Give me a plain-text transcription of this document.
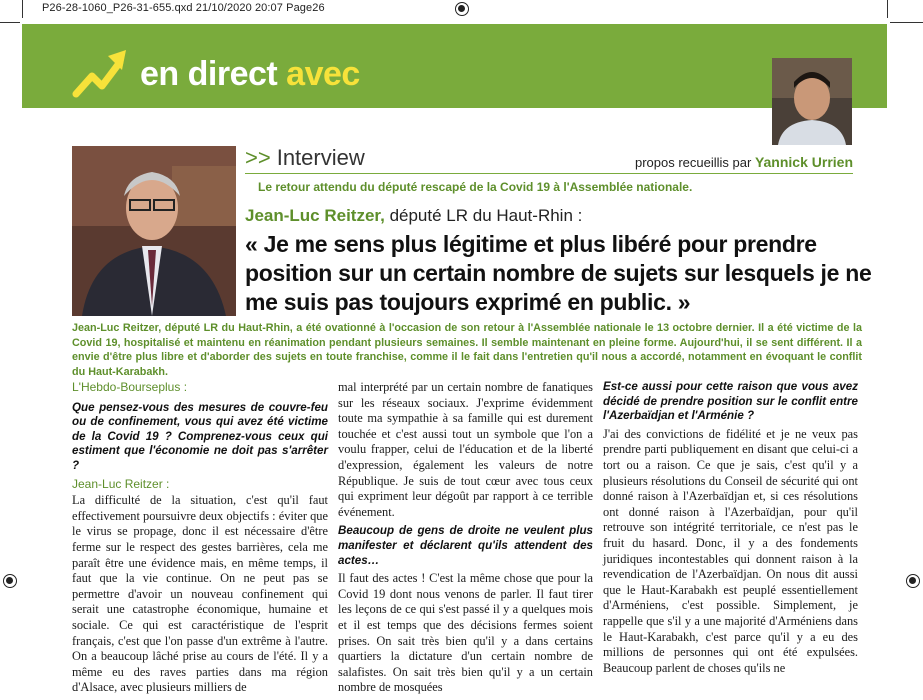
P26-28-1060_P26-31-655.qxd 21/10/2020 20:07 Page26
en direct avec
>> Interview	propos recueillis par Yannick Urrien
Le retour attendu du député rescapé de la Covid 19 à l'Assemblée nationale.
Jean-Luc Reitzer, député LR du Haut-Rhin :
« Je me sens plus légitime et plus libéré pour prendre position sur un certain nombre de sujets sur lesquels je ne me suis pas toujours exprimé en public. »
Jean-Luc Reitzer, député LR du Haut-Rhin, a été ovationné à l'occasion de son retour à l'Assemblée nationale le 13 octobre dernier. Il a été victime de la Covid 19, hospitalisé et maintenu en réanimation pendant plusieurs semaines. Il semble maintenant en pleine forme. Aujourd'hui, il se sent différent. Il a envie d'être plus libre et d'aborder des sujets en toute franchise, comme il le fait dans l'entretien qu'il nous a accordé, notamment en évoquant le conflit du Haut-Karabakh.
L'Hebdo-Bourseplus :
Que pensez-vous des mesures de couvre-feu ou de confinement, vous qui avez été victime de la Covid 19 ? Comprenez-vous ceux qui estiment que l'économie ne doit pas s'arrêter ?
Jean-Luc Reitzer :

La difficulté de la situation, c'est qu'il faut effectivement poursuivre deux objectifs : éviter que le virus se propage, donc il est nécessaire d'être ferme sur le respect des gestes barrières, cela me paraît être une évidence mais, en même temps, il faut que la vie continue. On ne peut pas se permettre d'avoir un nouveau confinement qui serait une catastrophe économique, humaine et sociale. Ce qui est caractéristique de l'esprit français, c'est que l'on passe d'un extrême à l'autre. On a beaucoup lâché prise au cours de l'été. Il y a même eu des raves parties dans ma région d'Alsace, avec plusieurs milliers de

mal interprété par un certain nombre de fanatiques sur les réseaux sociaux. J'exprime évidemment toute ma sympathie à sa famille qui est durement touchée et c'est aussi tout un symbole que l'on a voulu frapper, celui de l'éducation et de la liberté d'expression, également les valeurs de notre République. Je suis de tout cœur avec tous ceux qui expriment leur dégoût par rapport à ce terrible événement.

Beaucoup de gens de droite ne veulent plus manifester et déclarent qu'ils attendent des actes…

Il faut des actes ! C'est la même chose que pour la Covid 19 dont nous venons de parler. Il faut tirer les leçons de ce qui s'est passé il y a quelques mois et il est temps que des décisions fermes soient prises. On sait très bien qu'il y a dans certains quartiers la dictature d'un certain nombre de salafistes. On sait très bien qu'il y a un certain nombre de mosquées

Est-ce aussi pour cette raison que vous avez décidé de prendre position sur le conflit entre l'Azerbaïdjan et l'Arménie ?

J'ai des convictions de fidélité et je ne veux pas prendre parti publiquement en disant que celui-ci a tort ou a raison. Ce que je sais, c'est qu'il y a plusieurs résolutions du Conseil de sécurité qui ont donné raison à l'Azerbaïdjan et, si ces résolutions ont donné raison à l'Azerbaïdjan, pour qu'il retrouve son intégrité territoriale, ce n'est pas le fruit du hasard. Donc, il y a des fondements juridiques incontestables qui donnent raison à la revendication de l'Azerbaïdjan. On nous dit aussi que le Haut-Karabakh est peuplé essentiellement d'Arméniens, c'est possible. Simplement, je rappelle que s'il y a une majorité d'Arméniens dans le Haut-Karabakh, c'est parce qu'il y a eu des millions de personnes qui ont été expulsées. Beaucoup parlent de choses qu'ils ne
